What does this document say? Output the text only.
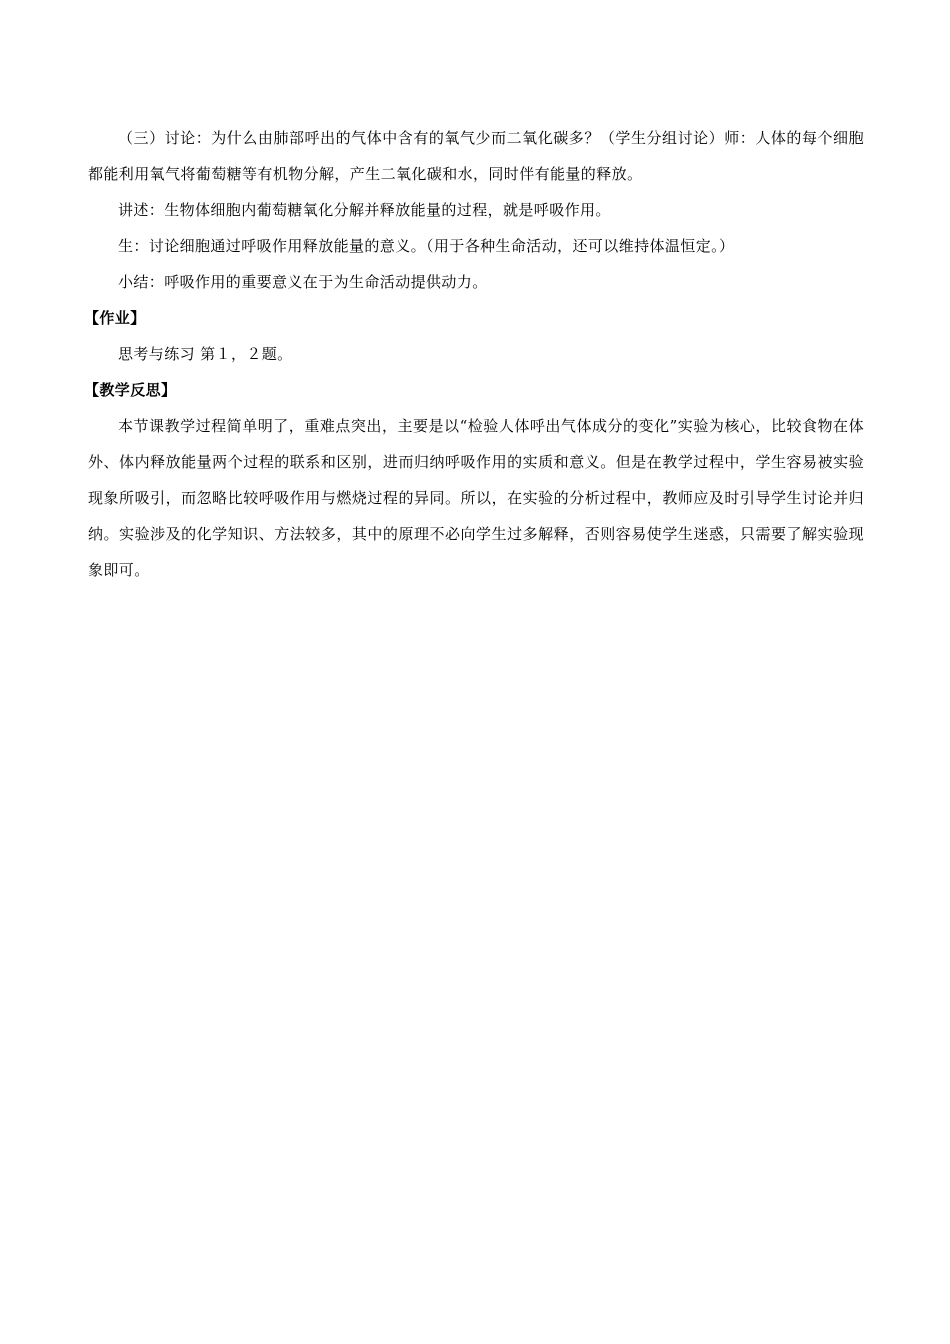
（三）讨论：为什么由肺部呼出的气体中含有的氧气少而二氧化碳多？（学生分组讨论）师：人体的每个细胞都能利用氧气将葡萄糖等有机物分解，产生二氧化碳和水，同时伴有能量的释放。

讲述：生物体细胞内葡萄糖氧化分解并释放能量的过程，就是呼吸作用。

生：讨论细胞通过呼吸作用释放能量的意义。（用于各种生命活动，还可以维持体温恒定。）

小结：呼吸作用的重要意义在于为生命活动提供动力。

【作业】

思考与练习 第１，２题。

【教学反思】

本节课教学过程简单明了，重难点突出，主要是以“检验人体呼出气体成分的变化”实验为核心，比较食物在体外、体内释放能量两个过程的联系和区别，进而归纳呼吸作用的实质和意义。但是在教学过程中，学生容易被实验现象所吸引，而忽略比较呼吸作用与燃烧过程的异同。所以，在实验的分析过程中，教师应及时引导学生讨论并归纳。实验涉及的化学知识、方法较多，其中的原理不必向学生过多解释，否则容易使学生迷惑，只需要了解实验现象即可。
